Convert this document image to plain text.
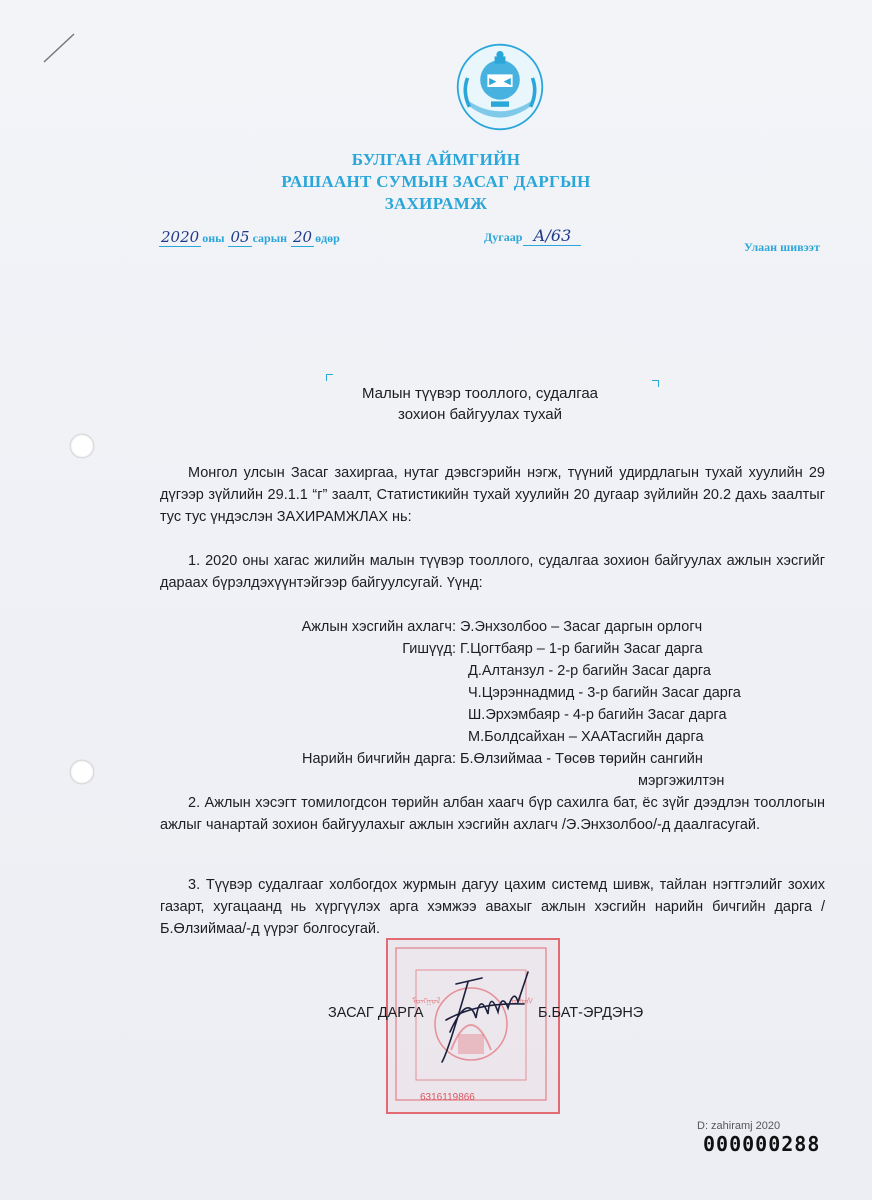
БУЛГАН АЙМГИЙН
РАШААНТ СУМЫН ЗАСАГ ДАРГЫН
ЗАХИРАМЖ
2020 оны 05 сарын 20 өдөр	Дугаар А/63
Улаан шивээт
Малын түүвэр тооллого, судалгаа
зохион байгуулах тухай
Монгол улсын Засаг захиргаа, нутаг дэвсгэрийн нэгж, түүний удирдлагын тухай хуулийн 29 дүгээр зүйлийн 29.1.1 “г” заалт, Статистикийн тухай хуулийн 20 дугаар зүйлийн 20.2 дахь заалтыг тус тус үндэслэн ЗАХИРАМЖЛАХ нь:
1. 2020 оны хагас жилийн малын түүвэр тооллого, судалгаа зохион байгуулах ажлын хэсгийг дараах бүрэлдэхүүнтэйгээр байгуулсугай. Үүнд:
Ажлын хэсгийн ахлагч: Э.Энхзолбоо – Засаг даргын орлогч
Гишүүд: Г.Цогтбаяр – 1-р багийн Засаг дарга
Д.Алтанзул - 2-р багийн Засаг дарга
Ч.Цэрэннадмид - 3-р багийн Засаг дарга
Ш.Эрхэмбаяр - 4-р багийн Засаг дарга
М.Болдсайхан – ХААТасгийн дарга
Нарийн бичгийн дарга: Б.Өлзиймаа - Төсөв төрийн сангийн
мэргэжилтэн
2. Ажлын хэсэгт томилогдсон төрийн албан хаагч бүр сахилга бат, ёс зүйг дээдлэн тооллогын ажлыг чанартай зохион байгуулахыг ажлын хэсгийн ахлагч /Э.Энхзолбоо/-д даалгасугай.
3. Түүвэр судалгааг холбогдох журмын дагуу цахим системд шивж, тайлан нэгтгэлийг зохих газарт, хугацаанд нь хүргүүлэх арга хэмжээ авахыг ажлын хэсгийн нарийн бичгийн дарга /Б.Өлзиймаа/-д үүрэг болгосугай.
ᠮᠣᠩᠭᠣᠯ	ᠤᠯᠤᠰ
6316119866
ЗАСАГ ДАРГА	Б.БАТ-ЭРДЭНЭ
D: zahiramj 2020
000000288
